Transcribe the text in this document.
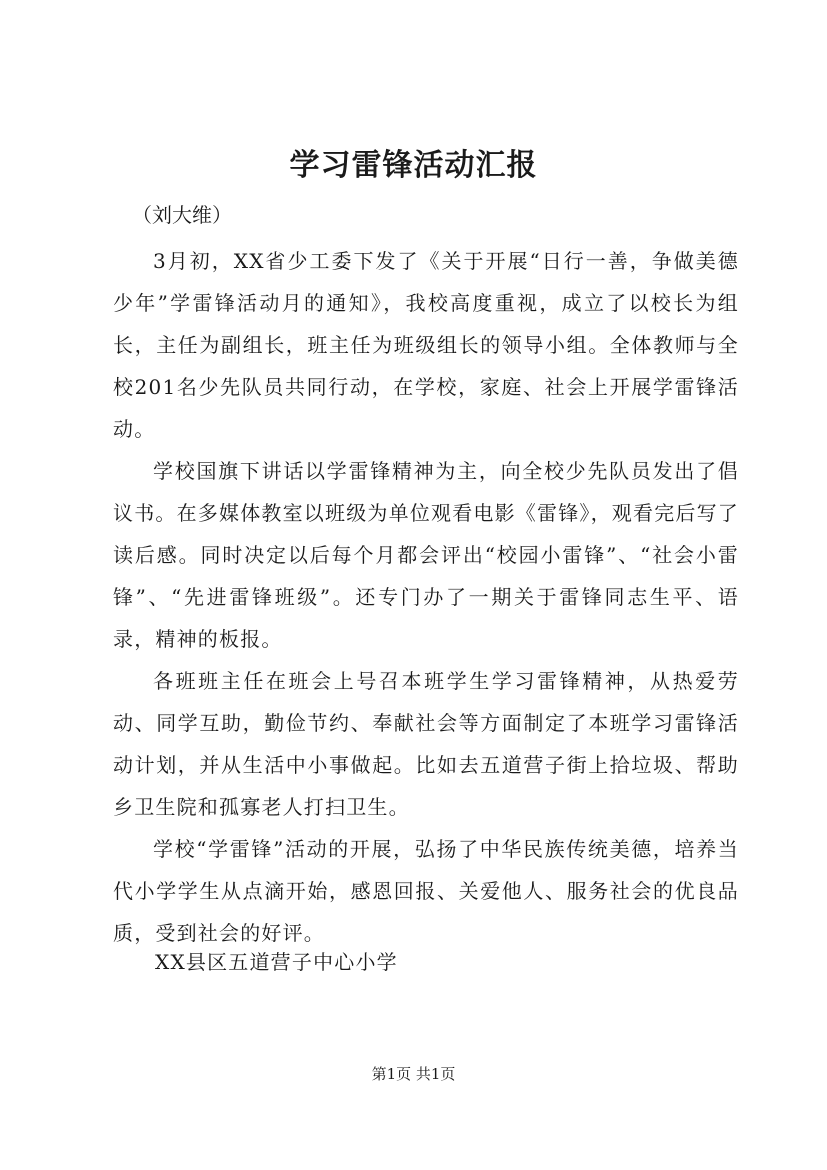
学习雷锋活动汇报
（刘大维）

3月初，XX省少工委下发了《关于开展“日行一善，争做美德少年”学雷锋活动月的通知》，我校高度重视，成立了以校长为组长，主任为副组长，班主任为班级组长的领导小组。全体教师与全校201名少先队员共同行动，在学校，家庭、社会上开展学雷锋活动。

学校国旗下讲话以学雷锋精神为主，向全校少先队员发出了倡议书。在多媒体教室以班级为单位观看电影《雷锋》，观看完后写了读后感。同时决定以后每个月都会评出“校园小雷锋”、“社会小雷锋”、“先进雷锋班级”。还专门办了一期关于雷锋同志生平、语录，精神的板报。

各班班主任在班会上号召本班学生学习雷锋精神，从热爱劳动、同学互助，勤俭节约、奉献社会等方面制定了本班学习雷锋活动计划，并从生活中小事做起。比如去五道营子街上拾垃圾、帮助乡卫生院和孤寡老人打扫卫生。

学校“学雷锋”活动的开展，弘扬了中华民族传统美德，培养当代小学学生从点滴开始，感恩回报、关爱他人、服务社会的优良品质，受到社会的好评。

XX县区五道营子中心小学
第1页 共1页
